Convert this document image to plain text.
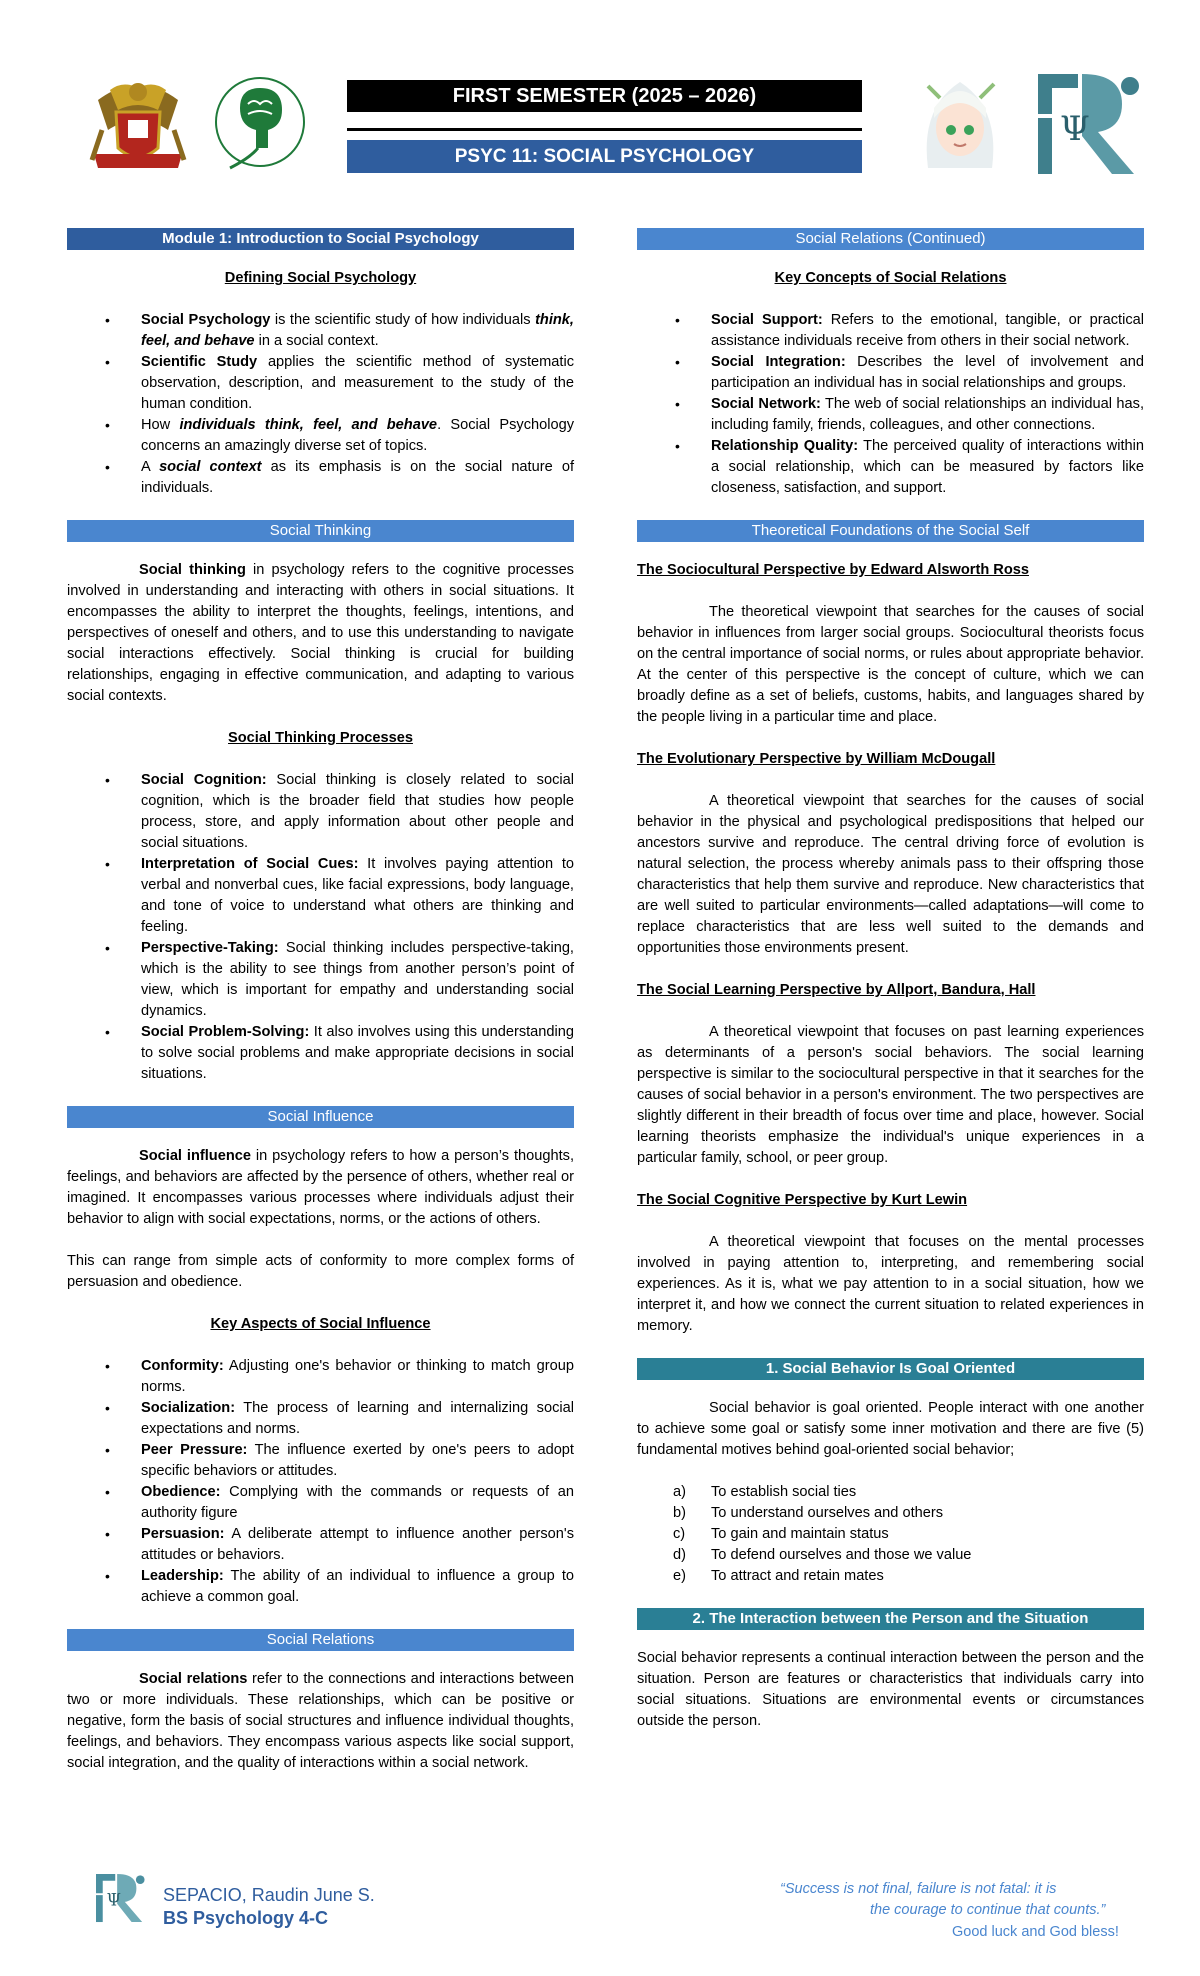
Ψ
FIRST SEMESTER (2025 – 2026)
PSYC 11: SOCIAL PSYCHOLOGY
Module 1: Introduction to Social Psychology
Defining Social Psychology
• Social Psychology is the scientific study of how individuals think, feel, and behave in a social context.
• Scientific Study applies the scientific method of systematic observation, description, and measurement to the study of the human condition.
• How individuals think, feel, and behave. Social Psychology concerns an amazingly diverse set of topics.
• A social context as its emphasis is on the social nature of individuals.
Social Thinking

Social thinking in psychology refers to the cognitive processes involved in understanding and interacting with others in social situations. It encompasses the ability to interpret the thoughts, feelings, intentions, and perspectives of oneself and others, and to use this understanding to navigate social interactions effectively. Social thinking is crucial for building relationships, engaging in effective communication, and adapting to various social contexts.

Social Thinking Processes
• Social Cognition: Social thinking is closely related to social cognition, which is the broader field that studies how people process, store, and apply information about other people and social situations.
• Interpretation of Social Cues: It involves paying attention to verbal and nonverbal cues, like facial expressions, body language, and tone of voice to understand what others are thinking and feeling.
• Perspective-Taking: Social thinking includes perspective-taking, which is the ability to see things from another person’s point of view, which is important for empathy and understanding social dynamics.
• Social Problem-Solving: It also involves using this understanding to solve social problems and make appropriate decisions in social situations.
Social Influence

Social influence in psychology refers to how a person’s thoughts, feelings, and behaviors are affected by the persence of others, whether real or imagined. It encompasses various processes where individuals adjust their behavior to align with social expectations, norms, or the actions of others.

This can range from simple acts of conformity to more complex forms of persuasion and obedience.

Key Aspects of Social Influence
• Conformity: Adjusting one's behavior or thinking to match group norms.
• Socialization: The process of learning and internalizing social expectations and norms.
• Peer Pressure: The influence exerted by one's peers to adopt specific behaviors or attitudes.
• Obedience: Complying with the commands or requests of an authority figure
• Persuasion: A deliberate attempt to influence another person's attitudes or behaviors.
• Leadership: The ability of an individual to influence a group to achieve a common goal.
Social Relations

Social relations refer to the connections and interactions between two or more individuals. These relationships, which can be positive or negative, form the basis of social structures and influence individual thoughts, feelings, and behaviors. They encompass various aspects like social support, social integration, and the quality of interactions within a social network.

Social Relations (Continued)
Key Concepts of Social Relations
• Social Support: Refers to the emotional, tangible, or practical assistance individuals receive from others in their social network.
• Social Integration: Describes the level of involvement and participation an individual has in social relationships and groups.
• Social Network: The web of social relationships an individual has, including family, friends, colleagues, and other connections.
• Relationship Quality: The perceived quality of interactions within a social relationship, which can be measured by factors like closeness, satisfaction, and support.
Theoretical Foundations of the Social Self
The Sociocultural Perspective by Edward Alsworth Ross

The theoretical viewpoint that searches for the causes of social behavior in influences from larger social groups. Sociocultural theorists focus on the central importance of social norms, or rules about appropriate behavior. At the center of this perspective is the concept of culture, which we can broadly define as a set of beliefs, customs, habits, and languages shared by the people living in a particular time and place.

The Evolutionary Perspective by William McDougall

A theoretical viewpoint that searches for the causes of social behavior in the physical and psychological predispositions that helped our ancestors survive and reproduce. The central driving force of evolution is natural selection, the process whereby animals pass to their offspring those characteristics that help them survive and reproduce. New characteristics that are well suited to particular environments—called adaptations—will come to replace characteristics that are less well suited to the demands and opportunities those environments present.

The Social Learning Perspective by Allport, Bandura, Hall

A theoretical viewpoint that focuses on past learning experiences as determinants of a person's social behaviors. The social learning perspective is similar to the sociocultural perspective in that it searches for the causes of social behavior in a person's environment. The two perspectives are slightly different in their breadth of focus over time and place, however. Social learning theorists emphasize the individual's unique experiences in a particular family, school, or peer group.

The Social Cognitive Perspective by Kurt Lewin

A theoretical viewpoint that focuses on the mental processes involved in paying attention to, interpreting, and remembering social experiences. As it is, what we pay attention to in a social situation, how we interpret it, and how we connect the current situation to related experiences in memory.

1. Social Behavior Is Goal Oriented

Social behavior is goal oriented. People interact with one another to achieve some goal or satisfy some inner motivation and there are five (5) fundamental motives behind goal-oriented social behavior;

a) To establish social ties
b) To understand ourselves and others
c) To gain and maintain status
d) To defend ourselves and those we value
e) To attract and retain mates
2. The Interaction between the Person and the Situation

Social behavior represents a continual interaction between the person and the situation. Person are features or characteristics that individuals carry into social situations. Situations are environmental events or circumstances outside the person.

Ψ SEPACIO, Raudin June S.
BS Psychology 4-C
“Success is not final, failure is not fatal: it is
the courage to continue that counts.”
Good luck and God bless!
